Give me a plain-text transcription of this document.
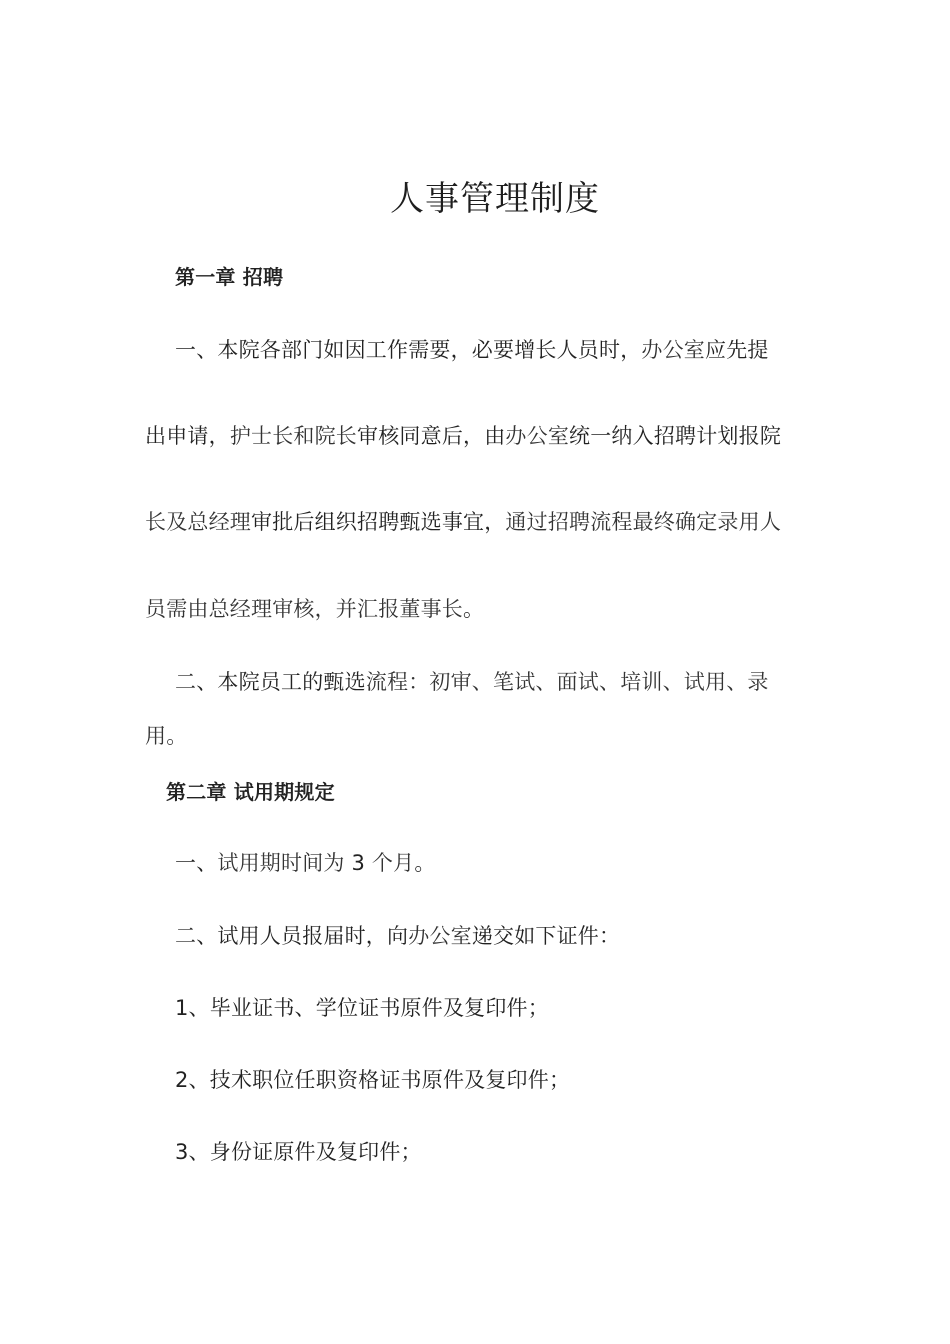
人事管理制度
第一章 招聘
一、本院各部门如因工作需要，必要增长人员时，办公室应先提
出申请，护士长和院长审核同意后，由办公室统一纳入招聘计划报院
长及总经理审批后组织招聘甄选事宜，通过招聘流程最终确定录用人
员需由总经理审核，并汇报董事长。
二、本院员工的甄选流程：初审、笔试、面试、培训、试用、录
用。
第二章 试用期规定
一、试用期时间为 3 个月。
二、试用人员报届时，向办公室递交如下证件：
1、毕业证书、学位证书原件及复印件；
2、技术职位任职资格证书原件及复印件；
3、身份证原件及复印件；
